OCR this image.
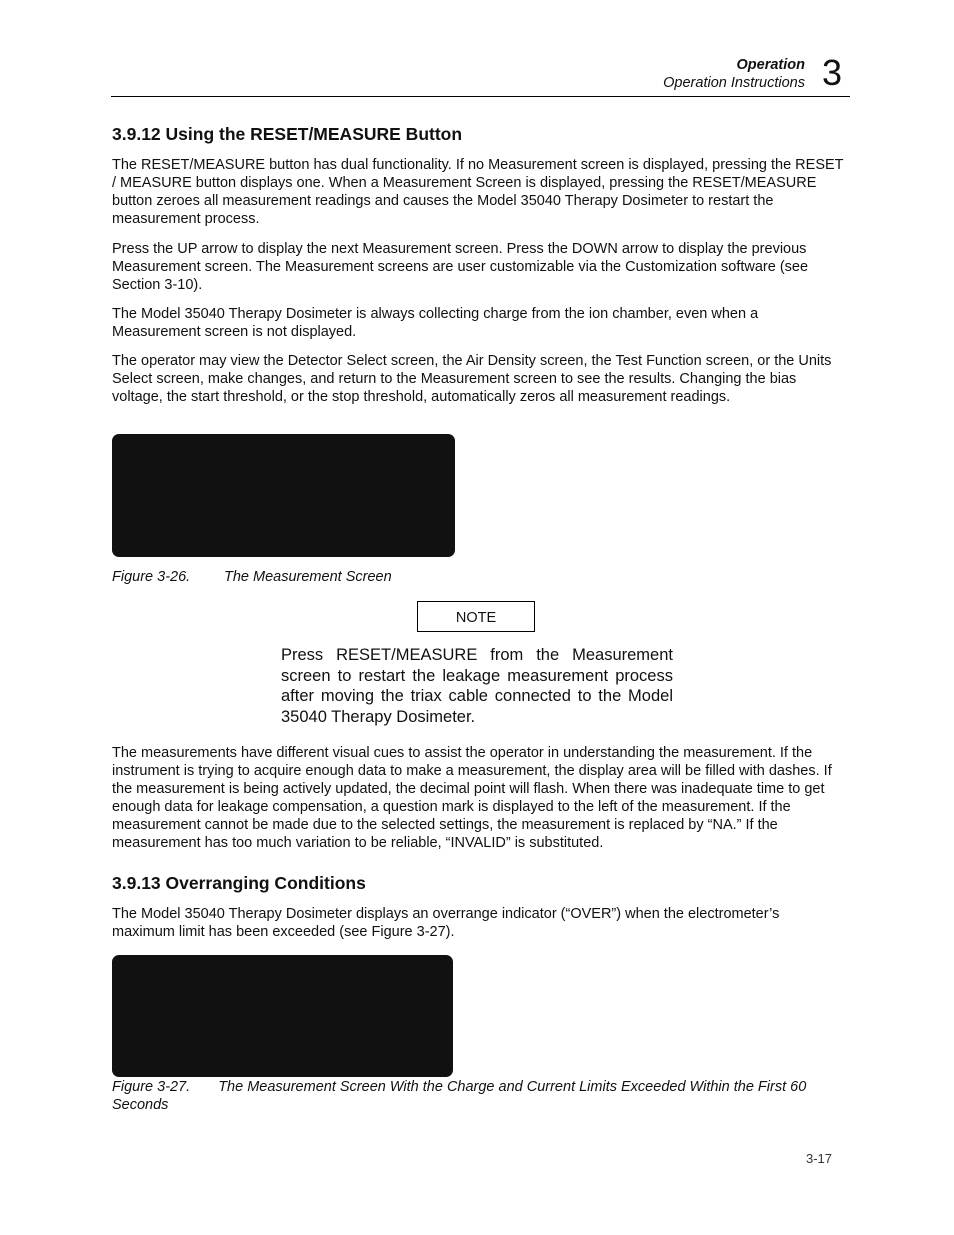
Operation
Operation Instructions 3
3.9.12 Using the RESET/MEASURE Button

The RESET/MEASURE button has dual functionality. If no Measurement screen is displayed, pressing the RESET / MEASURE button displays one. When a Measurement Screen is displayed, pressing the RESET/MEASURE button zeroes all measurement readings and causes the Model 35040 Therapy Dosimeter to restart the measurement process.

Press the UP arrow to display the next Measurement screen. Press the DOWN arrow to display the previous Measurement screen. The Measurement screens are user customizable via the Customization software (see Section 3-10).

The Model 35040 Therapy Dosimeter is always collecting charge from the ion chamber, even when a Measurement screen is not displayed.

The operator may view the Detector Select screen, the Air Density screen, the Test Function screen, or the Units Select screen, make changes, and return to the Measurement screen to see the results. Changing the bias voltage, the start threshold, or the stop threshold, automatically zeros all measurement readings.

Figure 3-26. The Measurement Screen
NOTE

Press RESET/MEASURE from the Measurement screen to restart the leakage measurement process after moving the triax cable connected to the Model 35040 Therapy Dosimeter.

The measurements have different visual cues to assist the operator in understanding the measurement. If the instrument is trying to acquire enough data to make a measurement, the display area will be filled with dashes. If the measurement is being actively updated, the decimal point will flash. When there was inadequate time to get enough data for leakage compensation, a question mark is displayed to the left of the measurement. If the measurement cannot be made due to the selected settings, the measurement is replaced by “NA.” If the measurement has too much variation to be reliable, “INVALID” is substituted.

3.9.13 Overranging Conditions

The Model 35040 Therapy Dosimeter displays an overrange indicator (“OVER”) when the electrometer’s maximum limit has been exceeded (see Figure 3-27).

Figure 3-27. The Measurement Screen With the Charge and Current Limits Exceeded Within the First 60 Seconds
3-17
